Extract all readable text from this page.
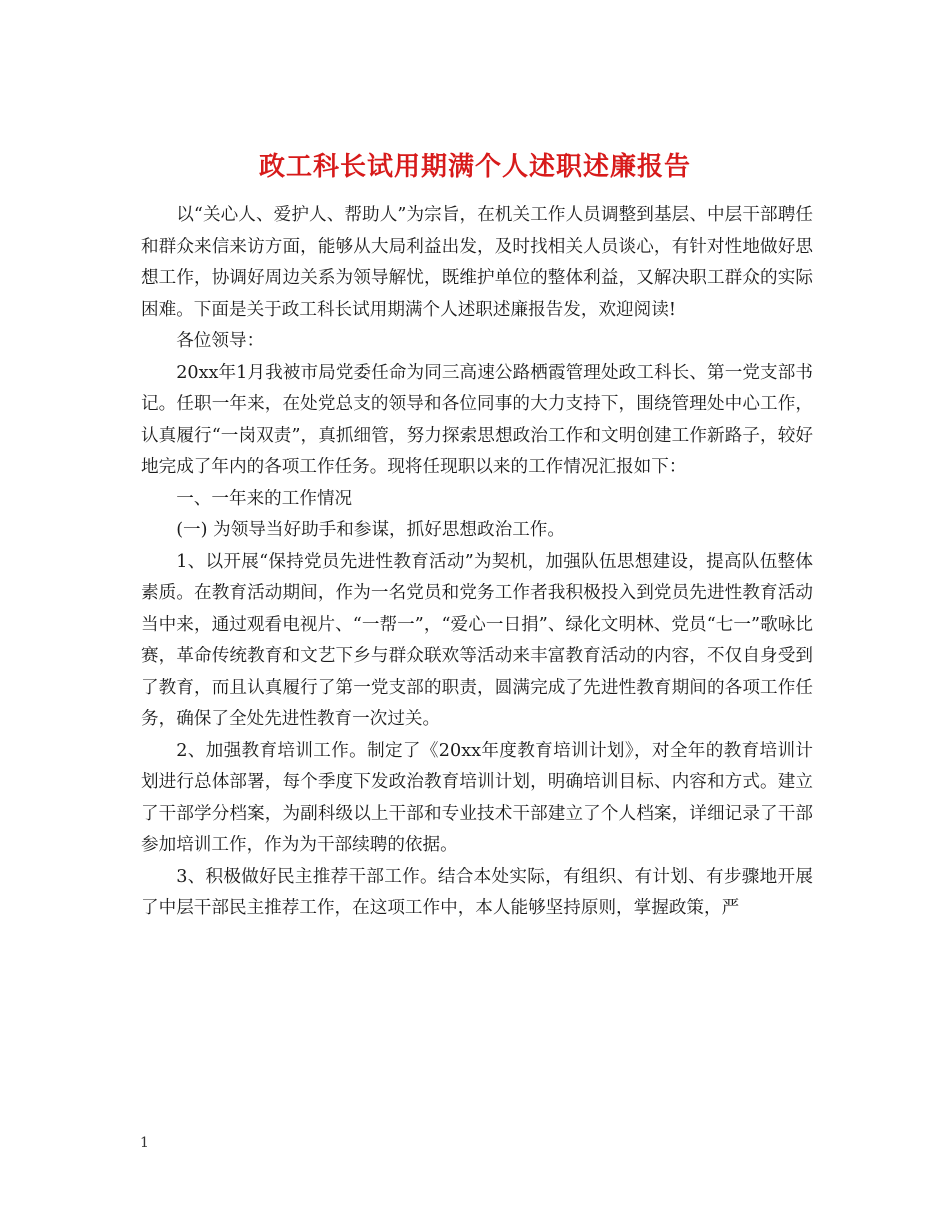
政工科长试用期满个人述职述廉报告

以“关心人、爱护人、帮助人”为宗旨，在机关工作人员调整到基层、中层干部聘任和群众来信来访方面，能够从大局利益出发，及时找相关人员谈心，有针对性地做好思想工作，协调好周边关系为领导解忧，既维护单位的整体利益，又解决职工群众的实际困难。下面是关于政工科长试用期满个人述职述廉报告发，欢迎阅读!

各位领导：

20xx年1月我被市局党委任命为同三高速公路栖霞管理处政工科长、第一党支部书记。任职一年来，在处党总支的领导和各位同事的大力支持下，围绕管理处中心工作，认真履行“一岗双责”，真抓细管，努力探索思想政治工作和文明创建工作新路子，较好地完成了年内的各项工作任务。现将任现职以来的工作情况汇报如下：

一、一年来的工作情况

(一) 为领导当好助手和参谋，抓好思想政治工作。

1、以开展“保持党员先进性教育活动”为契机，加强队伍思想建设，提高队伍整体素质。在教育活动期间，作为一名党员和党务工作者我积极投入到党员先进性教育活动当中来，通过观看电视片、“一帮一”，“爱心一日捐”、绿化文明林、党员“七一”歌咏比赛，革命传统教育和文艺下乡与群众联欢等活动来丰富教育活动的内容，不仅自身受到了教育，而且认真履行了第一党支部的职责，圆满完成了先进性教育期间的各项工作任务，确保了全处先进性教育一次过关。

2、加强教育培训工作。制定了《20xx年度教育培训计划》，对全年的教育培训计划进行总体部署，每个季度下发政治教育培训计划，明确培训目标、内容和方式。建立了干部学分档案，为副科级以上干部和专业技术干部建立了个人档案，详细记录了干部参加培训工作，作为为干部续聘的依据。

3、积极做好民主推荐干部工作。结合本处实际，有组织、有计划、有步骤地开展了中层干部民主推荐工作，在这项工作中，本人能够坚持原则，掌握政策，严

1
